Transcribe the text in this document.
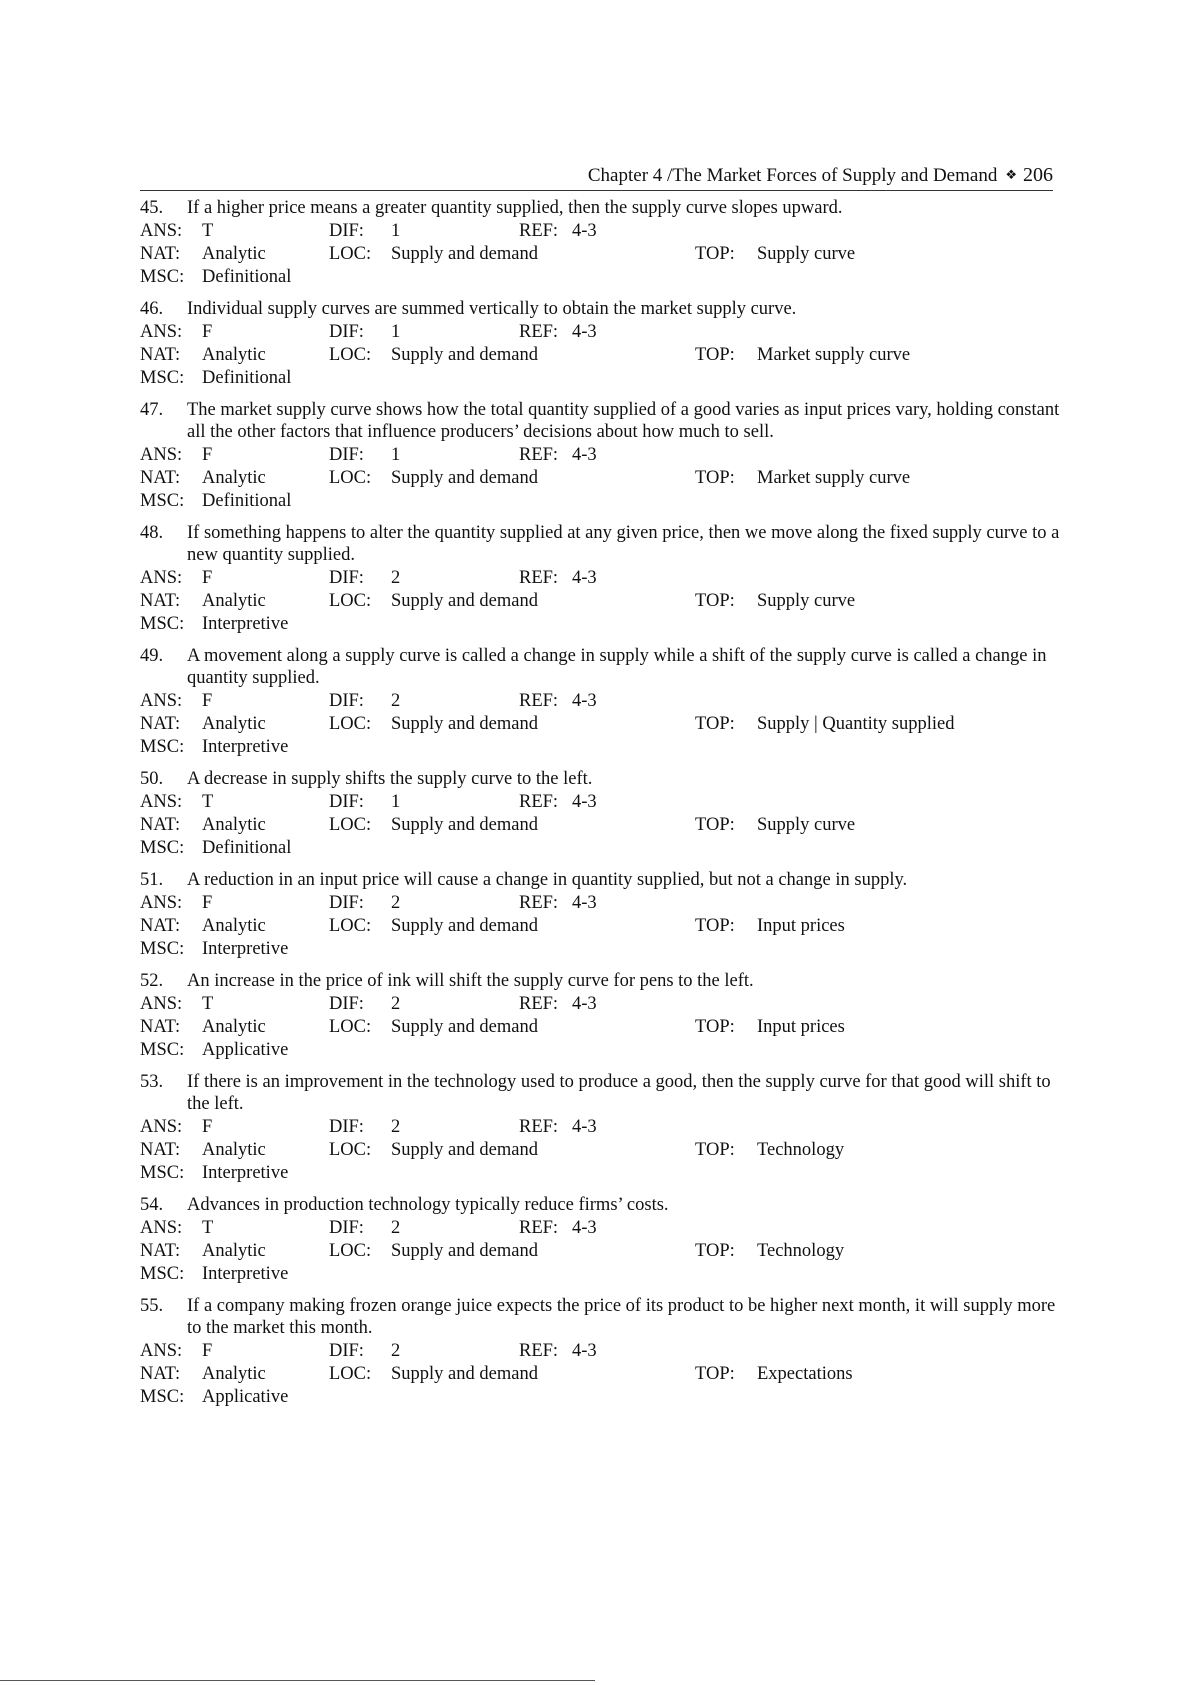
Chapter 4 /The Market Forces of Supply and Demand ❖ 206
45.	If a higher price means a greater quantity supplied, then the supply curve slopes upward.
ANS:	T	DIF:	1	REF: 4-3
NAT:	Analytic	LOC:	Supply and demand	TOP:	Supply curve
MSC: Definitional
46.	Individual supply curves are summed vertically to obtain the market supply curve.
ANS:	F	DIF:	1	REF: 4-3
NAT:	Analytic	LOC:	Supply and demand	TOP:	Market supply curve
MSC: Definitional
47.	The market supply curve shows how the total quantity supplied of a good varies as input prices vary, holding constant all the other factors that influence producers’ decisions about how much to sell.
ANS:	F	DIF:	1	REF: 4-3
NAT:	Analytic	LOC:	Supply and demand	TOP:	Market supply curve
MSC: Definitional
48.	If something happens to alter the quantity supplied at any given price, then we move along the fixed supply curve to a new quantity supplied.
ANS:	F	DIF:	2	REF: 4-3
NAT:	Analytic	LOC:	Supply and demand	TOP:	Supply curve
MSC: Interpretive
49.	A movement along a supply curve is called a change in supply while a shift of the supply curve is called a change in quantity supplied.
ANS:	F	DIF:	2	REF: 4-3
NAT:	Analytic	LOC:	Supply and demand	TOP:	Supply | Quantity supplied
MSC: Interpretive
50.	A decrease in supply shifts the supply curve to the left.
ANS:	T	DIF:	1	REF: 4-3
NAT:	Analytic	LOC:	Supply and demand	TOP:	Supply curve
MSC: Definitional
51.	A reduction in an input price will cause a change in quantity supplied, but not a change in supply.
ANS:	F	DIF:	2	REF: 4-3
NAT:	Analytic	LOC:	Supply and demand	TOP:	Input prices
MSC: Interpretive
52.	An increase in the price of ink will shift the supply curve for pens to the left.
ANS:	T	DIF:	2	REF: 4-3
NAT:	Analytic	LOC:	Supply and demand	TOP:	Input prices
MSC: Applicative
53.	If there is an improvement in the technology used to produce a good, then the supply curve for that good will shift to the left.
ANS:	F	DIF:	2	REF: 4-3
NAT:	Analytic	LOC:	Supply and demand	TOP:	Technology
MSC: Interpretive
54.	Advances in production technology typically reduce firms’ costs.
ANS:	T	DIF:	2	REF: 4-3
NAT:	Analytic	LOC:	Supply and demand	TOP:	Technology
MSC: Interpretive
55.	If a company making frozen orange juice expects the price of its product to be higher next month, it will supply more to the market this month.
ANS:	F	DIF:	2	REF: 4-3
NAT:	Analytic	LOC:	Supply and demand	TOP:	Expectations
MSC: Applicative
